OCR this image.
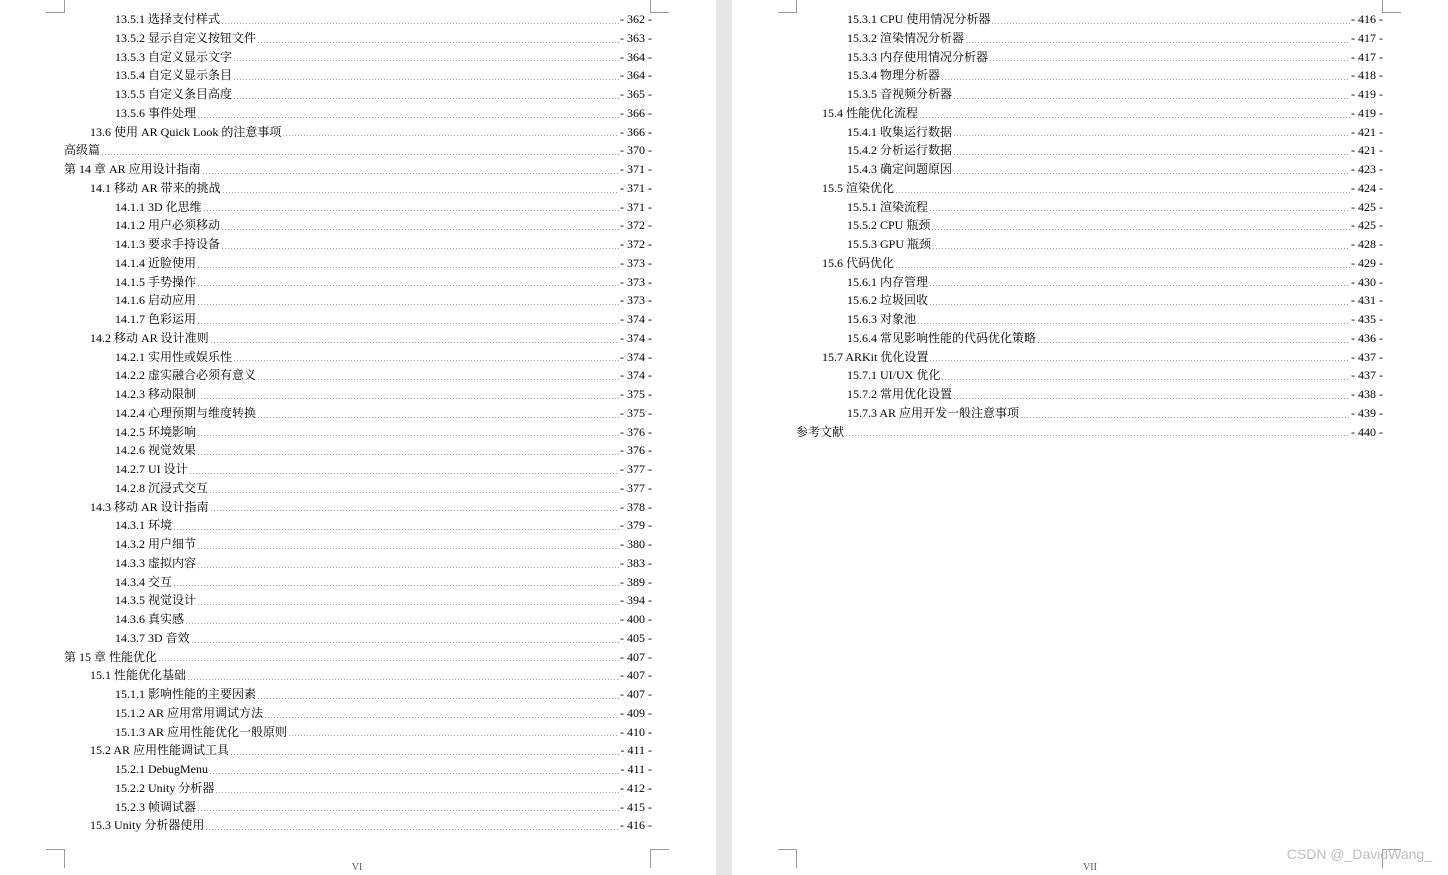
13.5.1 选择支付样式	- 362 -
13.5.2 显示自定义按钮文件	- 363 -
13.5.3 自定义显示文字	- 364 -
13.5.4 自定义显示条目	- 364 -
13.5.5 自定义条目高度	- 365 -
13.5.6 事件处理	- 366 -
13.6 使用 AR Quick Look 的注意事项	- 366 -
高级篇	- 370 -
第 14 章 AR 应用设计指南	- 371 -
14.1 移动 AR 带来的挑战	- 371 -
14.1.1 3D 化思维	- 371 -
14.1.2 用户必须移动	- 372 -
14.1.3 要求手持设备	- 372 -
14.1.4 近脸使用	- 373 -
14.1.5 手势操作	- 373 -
14.1.6 启动应用	- 373 -
14.1.7 色彩运用	- 374 -
14.2 移动 AR 设计准则	- 374 -
14.2.1 实用性或娱乐性	- 374 -
14.2.2 虚实融合必须有意义	- 374 -
14.2.3 移动限制	- 375 -
14.2.4 心理预期与维度转换	- 375 -
14.2.5 环境影响	- 376 -
14.2.6 视觉效果	- 376 -
14.2.7 UI 设计	- 377 -
14.2.8 沉浸式交互	- 377 -
14.3 移动 AR 设计指南	- 378 -
14.3.1 环境	- 379 -
14.3.2 用户细节	- 380 -
14.3.3 虚拟内容	- 383 -
14.3.4 交互	- 389 -
14.3.5 视觉设计	- 394 -
14.3.6 真实感	- 400 -
14.3.7 3D 音效	- 405 -
第 15 章 性能优化	- 407 -
15.1 性能优化基础	- 407 -
15.1.1 影响性能的主要因素	- 407 -
15.1.2 AR 应用常用调试方法	- 409 -
15.1.3 AR 应用性能优化一般原则	- 410 -
15.2 AR 应用性能调试工具	- 411 -
15.2.1 DebugMenu	- 411 -
15.2.2 Unity 分析器	- 412 -
15.2.3 帧调试器	- 415 -
15.3 Unity 分析器使用	- 416 -
VI
15.3.1 CPU 使用情况分析器	- 416 -
15.3.2 渲染情况分析器	- 417 -
15.3.3 内存使用情况分析器	- 417 -
15.3.4 物理分析器	- 418 -
15.3.5 音视频分析器	- 419 -
15.4 性能优化流程	- 419 -
15.4.1 收集运行数据	- 421 -
15.4.2 分析运行数据	- 421 -
15.4.3 确定问题原因	- 423 -
15.5 渲染优化	- 424 -
15.5.1 渲染流程	- 425 -
15.5.2 CPU 瓶颈	- 425 -
15.5.3 GPU 瓶颈	- 428 -
15.6 代码优化	- 429 -
15.6.1 内存管理	- 430 -
15.6.2 垃圾回收	- 431 -
15.6.3 对象池	- 435 -
15.6.4 常见影响性能的代码优化策略	- 436 -
15.7 ARKit 优化设置	- 437 -
15.7.1 UI/UX 优化	- 437 -
15.7.2 常用优化设置	- 438 -
15.7.3 AR 应用开发一般注意事项	- 439 -
参考文献	- 440 -
VII
CSDN @_DavidWang_
